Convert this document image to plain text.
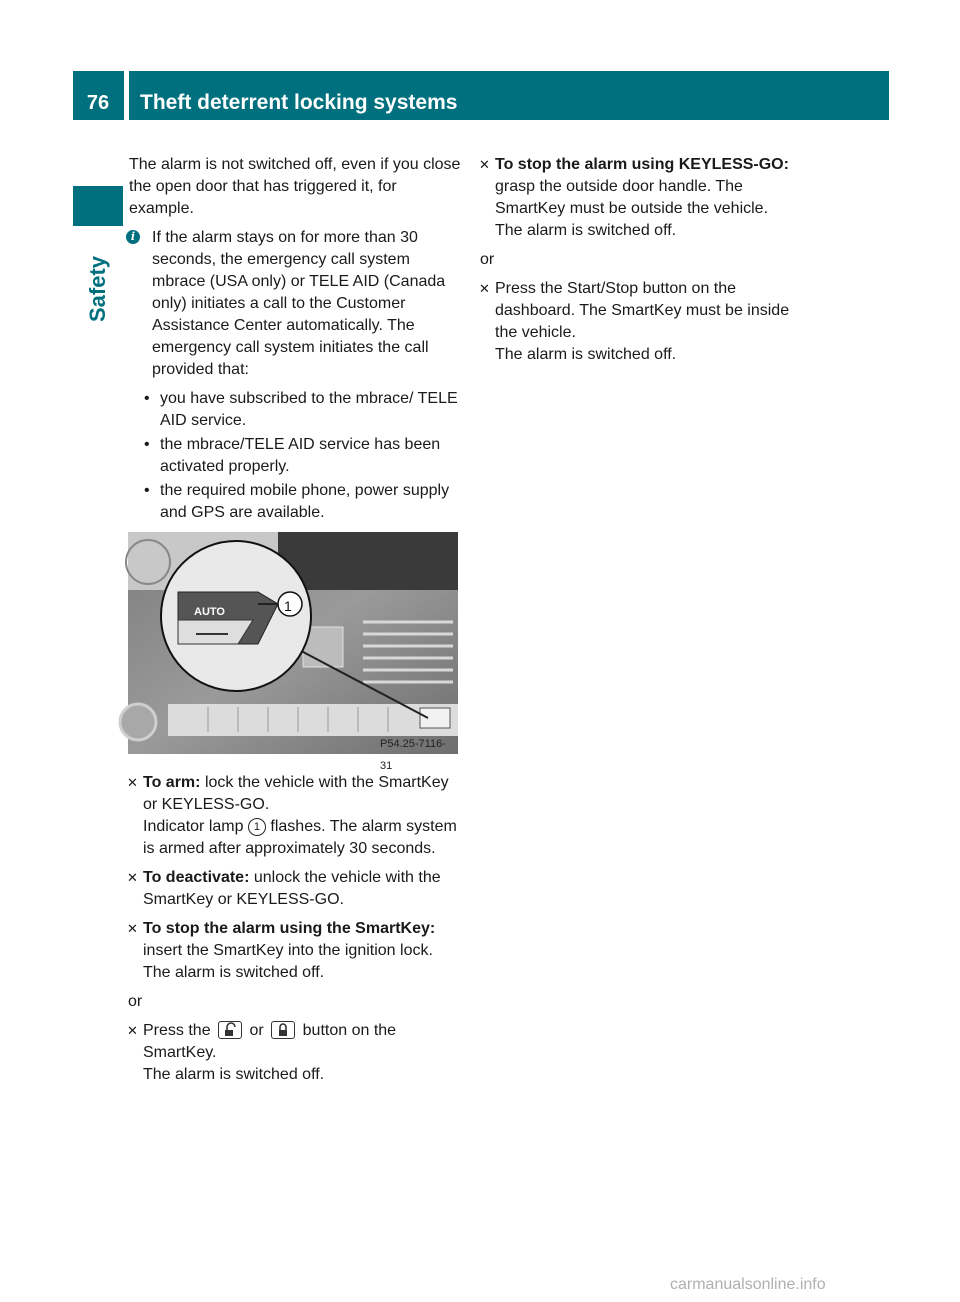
76	Theft deterrent locking systems
Safety

The alarm is not switched off, even if you close the open door that has triggered it, for example.

i	If the alarm stays on for more than 30 seconds, the emergency call system mbrace (USA only) or TELE AID (Canada only) initiates a call to the Customer Assistance Center automatically. The emergency call system initiates the call provided that:

• you have subscribed to the mbrace/ TELE AID service.
• the mbrace/TELE AID service has been activated properly.
• the required mobile phone, power supply and GPS are available.
AUTO	1
P54.25-7116-31
✕ To arm: lock the vehicle with the SmartKey or KEYLESS-GO.

Indicator lamp 1 flashes. The alarm system is armed after approximately 30 seconds.

✕ To deactivate: unlock the vehicle with the SmartKey or KEYLESS-GO.

✕ To stop the alarm using the SmartKey: insert the SmartKey into the ignition lock.

The alarm is switched off.

or

✕ Press the or button on the SmartKey.

The alarm is switched off.

✕ To stop the alarm using KEYLESS-GO: grasp the outside door handle. The SmartKey must be outside the vehicle.

The alarm is switched off.

or

✕ Press the Start/Stop button on the dashboard. The SmartKey must be inside the vehicle.

The alarm is switched off.

carmanualsonline.info
